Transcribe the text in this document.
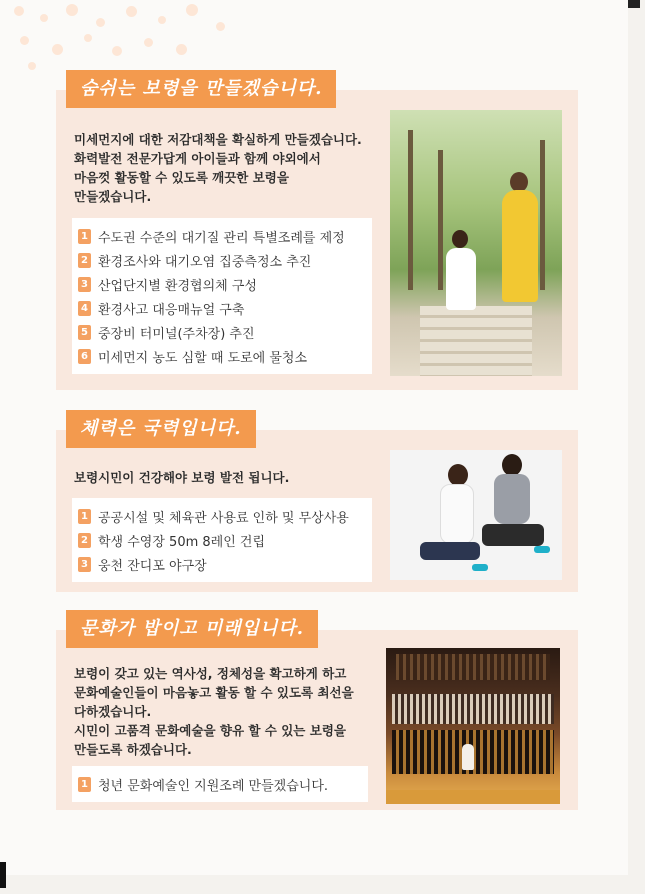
숨쉬는 보령을 만들겠습니다.
미세먼지에 대한 저감대책을 확실하게 만들겠습니다.
화력발전 전문가답게 아이들과 함께 야외에서
마음껏 활동할 수 있도록 깨끗한 보령을
만들겠습니다.
1 수도권 수준의 대기질 관리 특별조례를 제정
2 환경조사와 대기오염 집중측정소 추진
3 산업단지별 환경협의체 구성
4 환경사고 대응매뉴얼 구축
5 중장비 터미널(주차장) 추진
6 미세먼지 농도 심할 때 도로에 물청소
체력은 국력입니다.
보령시민이 건강해야 보령 발전 됩니다.
1 공공시설 및 체육관 사용료 인하 및 무상사용
2 학생 수영장 50m 8레인 건립
3 웅천 잔디포 야구장
문화가 밥이고 미래입니다.
보령이 갖고 있는 역사성, 정체성을 확고하게 하고
문화예술인들이 마음놓고 활동 할 수 있도록 최선을
다하겠습니다.
시민이 고품격 문화예술을 향유 할 수 있는 보령을
만들도록 하겠습니다.
1 청년 문화예술인 지원조례 만들겠습니다.
